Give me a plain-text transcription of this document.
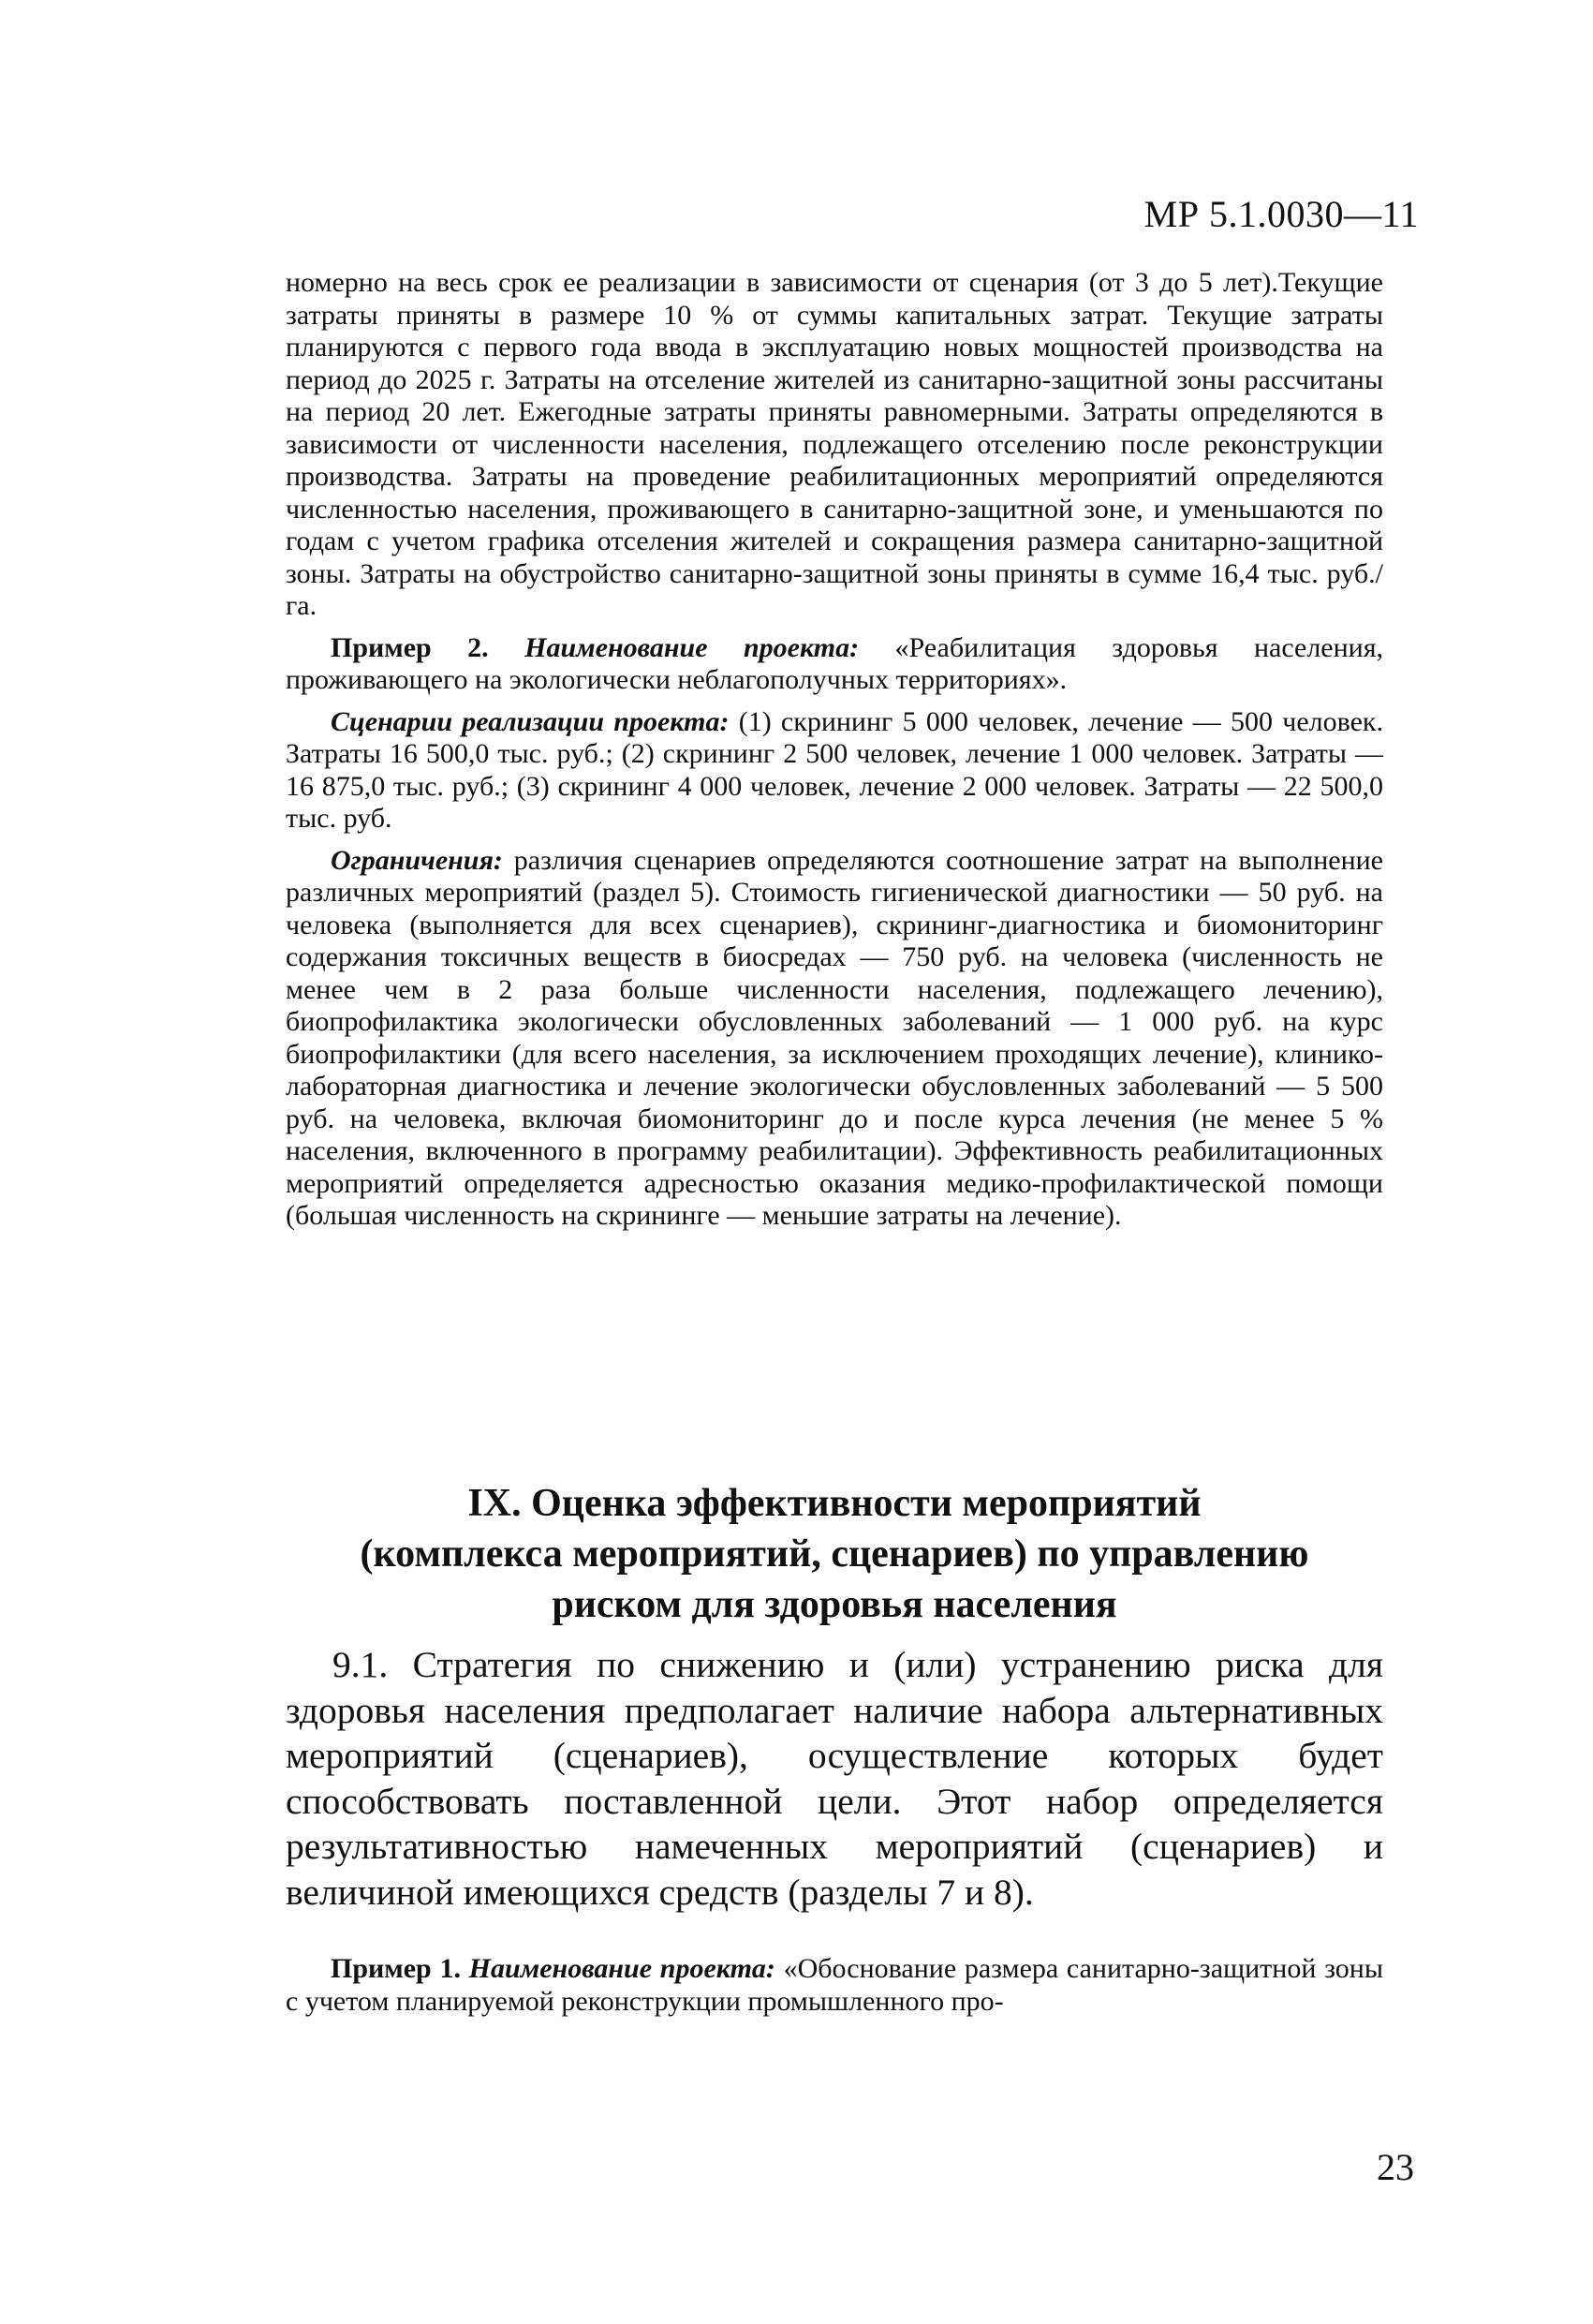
МР 5.1.0030—11

номерно на весь срок ее реализации в зависимости от сценария (от 3 до 5 лет).Текущие затраты приняты в размере 10 % от суммы капитальных затрат. Текущие затраты планируются с первого года ввода в эксплуатацию новых мощностей производства на период до 2025 г. Затраты на отселение жителей из санитарно-защитной зоны рассчитаны на период 20 лет. Ежегодные затраты приняты равномерными. Затраты определяются в зависимости от численности населения, подлежащего отселению после реконструкции производства. Затраты на проведение реабилитационных мероприятий определяются численностью населения, проживающего в санитарно-защитной зоне, и уменьшаются по годам с учетом графика отселения жителей и сокращения размера санитарно-защитной зоны. Затраты на обустройство санитарно-защитной зоны приняты в сумме 16,4 тыс. руб./га.

Пример 2. Наименование проекта: «Реабилитация здоровья населения, проживающего на экологически неблагополучных территориях».

Сценарии реализации проекта: (1) скрининг 5 000 человек, лечение — 500 человек. Затраты 16 500,0 тыс. руб.; (2) скрининг 2 500 человек, лечение 1 000 человек. Затраты — 16 875,0 тыс. руб.; (3) скрининг 4 000 человек, лечение 2 000 человек. Затраты — 22 500,0 тыс. руб.

Ограничения: различия сценариев определяются соотношение затрат на выполнение различных мероприятий (раздел 5). Стоимость гигиенической диагностики — 50 руб. на человека (выполняется для всех сценариев), скрининг-диагностика и биомониторинг содержания токсичных веществ в биосредах — 750 руб. на человека (численность не менее чем в 2 раза больше численности населения, подлежащего лечению), биопрофилактика экологически обусловленных заболеваний — 1 000 руб. на курс биопрофилактики (для всего населения, за исключением проходящих лечение), клинико-лабораторная диагностика и лечение экологически обусловленных заболеваний — 5 500 руб. на человека, включая биомониторинг до и после курса лечения (не менее 5 % населения, включенного в программу реабилитации). Эффективность реабилитационных мероприятий определяется адресностью оказания медико-профилактической помощи (большая численность на скрининге — меньшие затраты на лечение).

IX. Оценка эффективности мероприятий
(комплекса мероприятий, сценариев) по управлению
риском для здоровья населения

9.1. Стратегия по снижению и (или) устранению риска для здоровья населения предполагает наличие набора альтернативных мероприятий (сценариев), осуществление которых будет способствовать поставленной цели. Этот набор определяется результативностью намеченных мероприятий (сценариев) и величиной имеющихся средств (разделы 7 и 8).

Пример 1. Наименование проекта: «Обоснование размера санитарно-защитной зоны с учетом планируемой реконструкции промышленного про-

23
